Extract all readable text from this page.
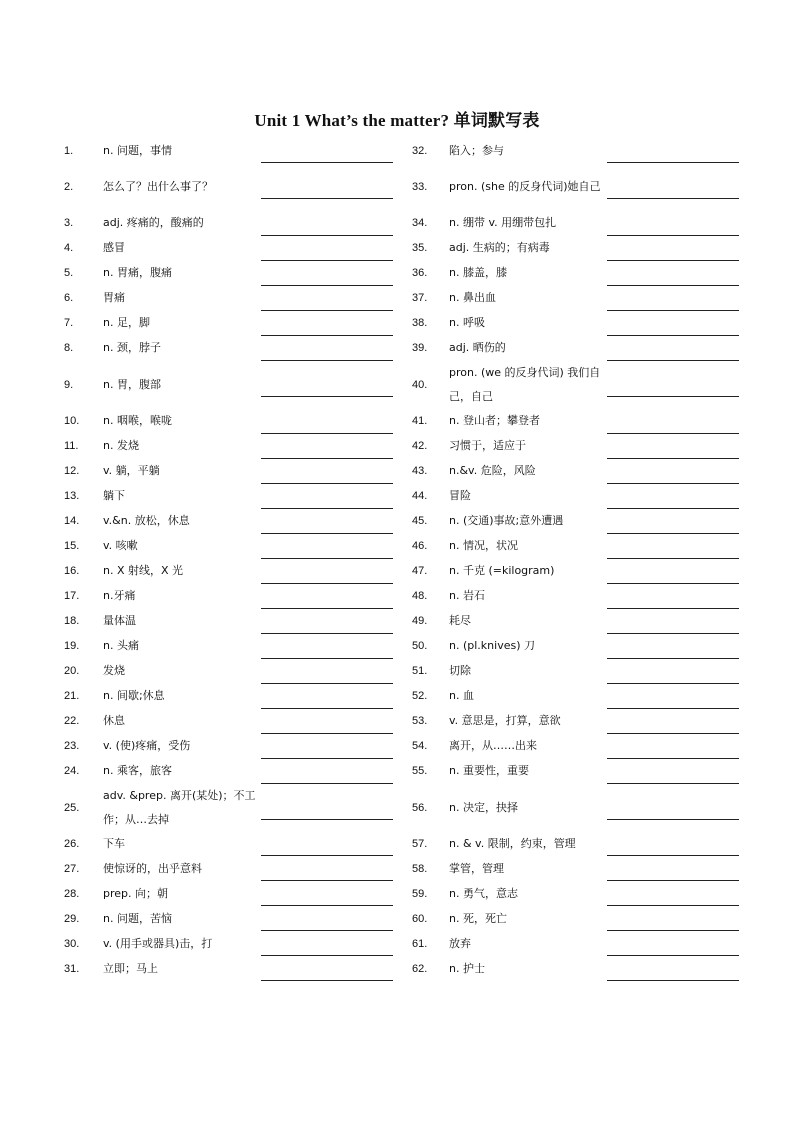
Unit 1 What’s the matter? 单词默写表
1.	n. 问题，事情
2.	怎么了？出什么事了？
3.	adj. 疼痛的，酸痛的
4.	感冒
5.	n. 胃痛，腹痛
6.	胃痛
7.	n. 足，脚
8.	n. 颈，脖子
9.	n. 胃，腹部
10.	n. 咽喉，喉咙
11.	n. 发烧
12.	v. 躺，平躺
13.	躺下
14.	v.&n. 放松，休息
15.	v. 咳嗽
16.	n. X 射线，X 光
17.	n.牙痛
18.	量体温
19.	n. 头痛
20.	发烧
21.	n. 间歇;休息
22.	休息
23.	v. (使)疼痛，受伤
24.	n. 乘客，旅客
25.
adv. &prep. 离开(某处)；不工作；从…去掉
26.	下车
27.	使惊讶的，出乎意料
28.	prep. 向；朝
29.	n. 问题，苦恼
30.	v. (用手或器具)击，打
31.	立即；马上
32.	陷入；参与
33.	pron. (she 的反身代词)她自己
34.	n. 绷带 v. 用绷带包扎
35.	adj. 生病的；有病毒
36.	n. 膝盖，膝
37.	n. 鼻出血
38.	n. 呼吸
39.	adj. 晒伤的
40.
pron. (we 的反身代词) 我们自己，自己
41.	n. 登山者；攀登者
42.	习惯于，适应于
43.	n.&v. 危险，风险
44.	冒险
45.	n. (交通)事故;意外遭遇
46.	n. 情况，状况
47.	n. 千克 (=kilogram)
48.	n. 岩石
49.	耗尽
50.	n. (pl.knives) 刀
51.	切除
52.	n. 血
53.	v. 意思是，打算，意欲
54.	离开，从……出来
55.	n. 重要性，重要
56.	n. 决定，抉择
57.	n. & v. 限制，约束，管理
58.	掌管，管理
59.	n. 勇气，意志
60.	n. 死，死亡
61.	放弃
62.	n. 护士
